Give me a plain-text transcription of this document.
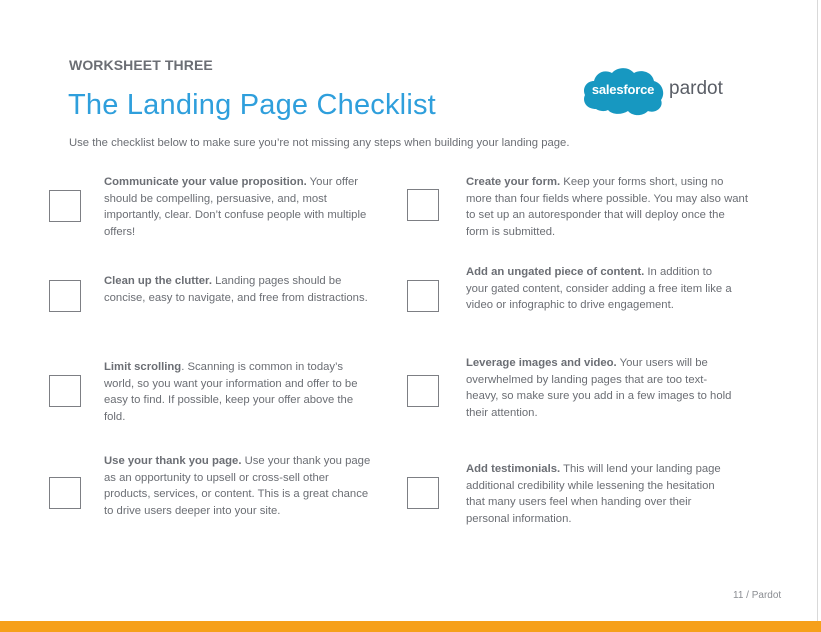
WORKSHEET THREE
The Landing Page Checklist	salesforce pardot
Use the checklist below to make sure you’re not missing any steps when building your landing page.
Communicate your value proposition. Your offer should be compelling, persuasive, and, most importantly, clear. Don’t confuse people with multiple offers!
Clean up the clutter. Landing pages should be concise, easy to navigate, and free from distractions.
Limit scrolling. Scanning is common in today’s world, so you want your information and offer to be easy to find. If possible, keep your offer above the fold.
Use your thank you page. Use your thank you page as an opportunity to upsell or cross-sell other products, services, or content. This is a great chance to drive users deeper into your site.
Create your form. Keep your forms short, using no more than four fields where possible. You may also want to set up an autoresponder that will deploy once the form is submitted.
Add an ungated piece of content. In addition to your gated content, consider adding a free item like a video or infographic to drive engagement.
Leverage images and video. Your users will be overwhelmed by landing pages that are too text-heavy, so make sure you add in a few images to hold their attention.
Add testimonials. This will lend your landing page additional credibility while lessening the hesitation that many users feel when handing over their personal information.
11 / Pardot
